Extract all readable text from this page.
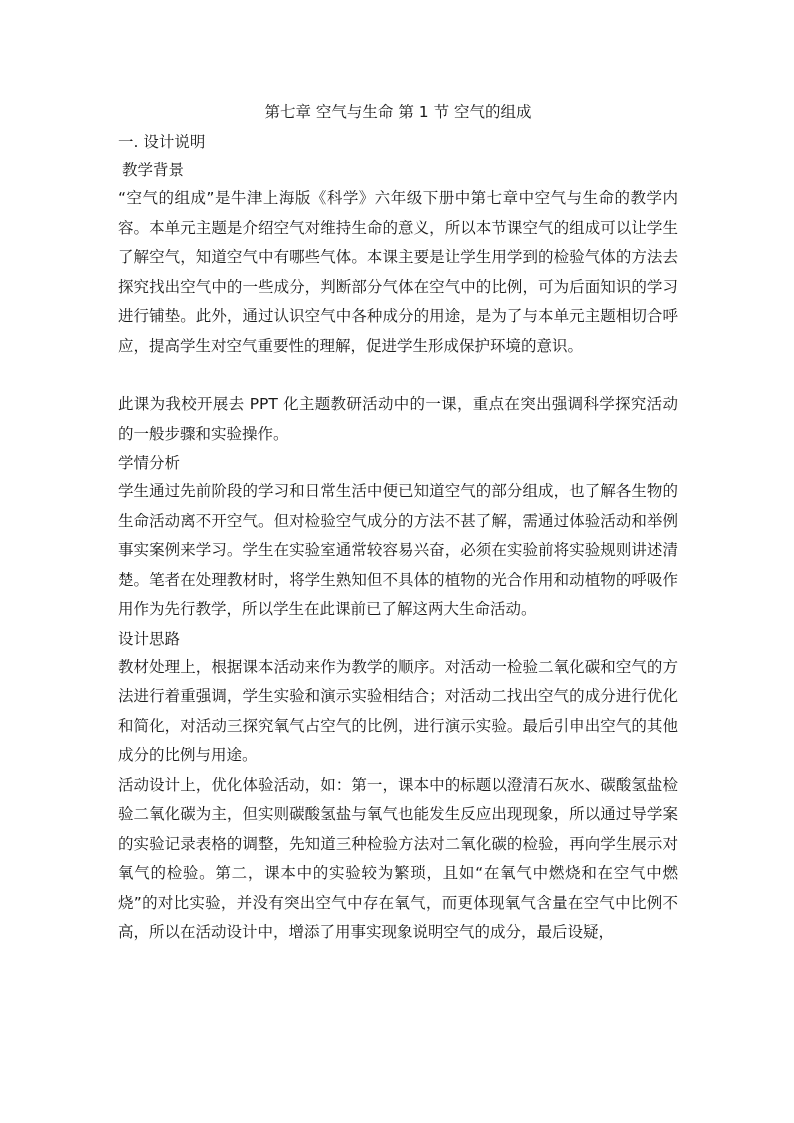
第七章 空气与生命 第 1 节 空气的组成

一. 设计说明

教学背景

“空气的组成”是牛津上海版《科学》六年级下册中第七章中空气与生命的教学内容。本单元主题是介绍空气对维持生命的意义，所以本节课空气的组成可以让学生了解空气，知道空气中有哪些气体。本课主要是让学生用学到的检验气体的方法去探究找出空气中的一些成分，判断部分气体在空气中的比例，可为后面知识的学习进行铺垫。此外，通过认识空气中各种成分的用途，是为了与本单元主题相切合呼应，提高学生对空气重要性的理解，促进学生形成保护环境的意识。

此课为我校开展去 PPT 化主题教研活动中的一课，重点在突出强调科学探究活动的一般步骤和实验操作。

学情分析

学生通过先前阶段的学习和日常生活中便已知道空气的部分组成，也了解各生物的生命活动离不开空气。但对检验空气成分的方法不甚了解，需通过体验活动和举例事实案例来学习。学生在实验室通常较容易兴奋，必须在实验前将实验规则讲述清楚。笔者在处理教材时，将学生熟知但不具体的植物的光合作用和动植物的呼吸作用作为先行教学，所以学生在此课前已了解这两大生命活动。

设计思路

教材处理上，根据课本活动来作为教学的顺序。对活动一检验二氧化碳和空气的方法进行着重强调，学生实验和演示实验相结合；对活动二找出空气的成分进行优化和简化，对活动三探究氧气占空气的比例，进行演示实验。最后引申出空气的其他成分的比例与用途。

活动设计上，优化体验活动，如：第一，课本中的标题以澄清石灰水、碳酸氢盐检验二氧化碳为主，但实则碳酸氢盐与氧气也能发生反应出现现象，所以通过导学案的实验记录表格的调整，先知道三种检验方法对二氧化碳的检验，再向学生展示对氧气的检验。第二，课本中的实验较为繁琐，且如“在氧气中燃烧和在空气中燃烧”的对比实验，并没有突出空气中存在氧气，而更体现氧气含量在空气中比例不高，所以在活动设计中，增添了用事实现象说明空气的成分，最后设疑，
